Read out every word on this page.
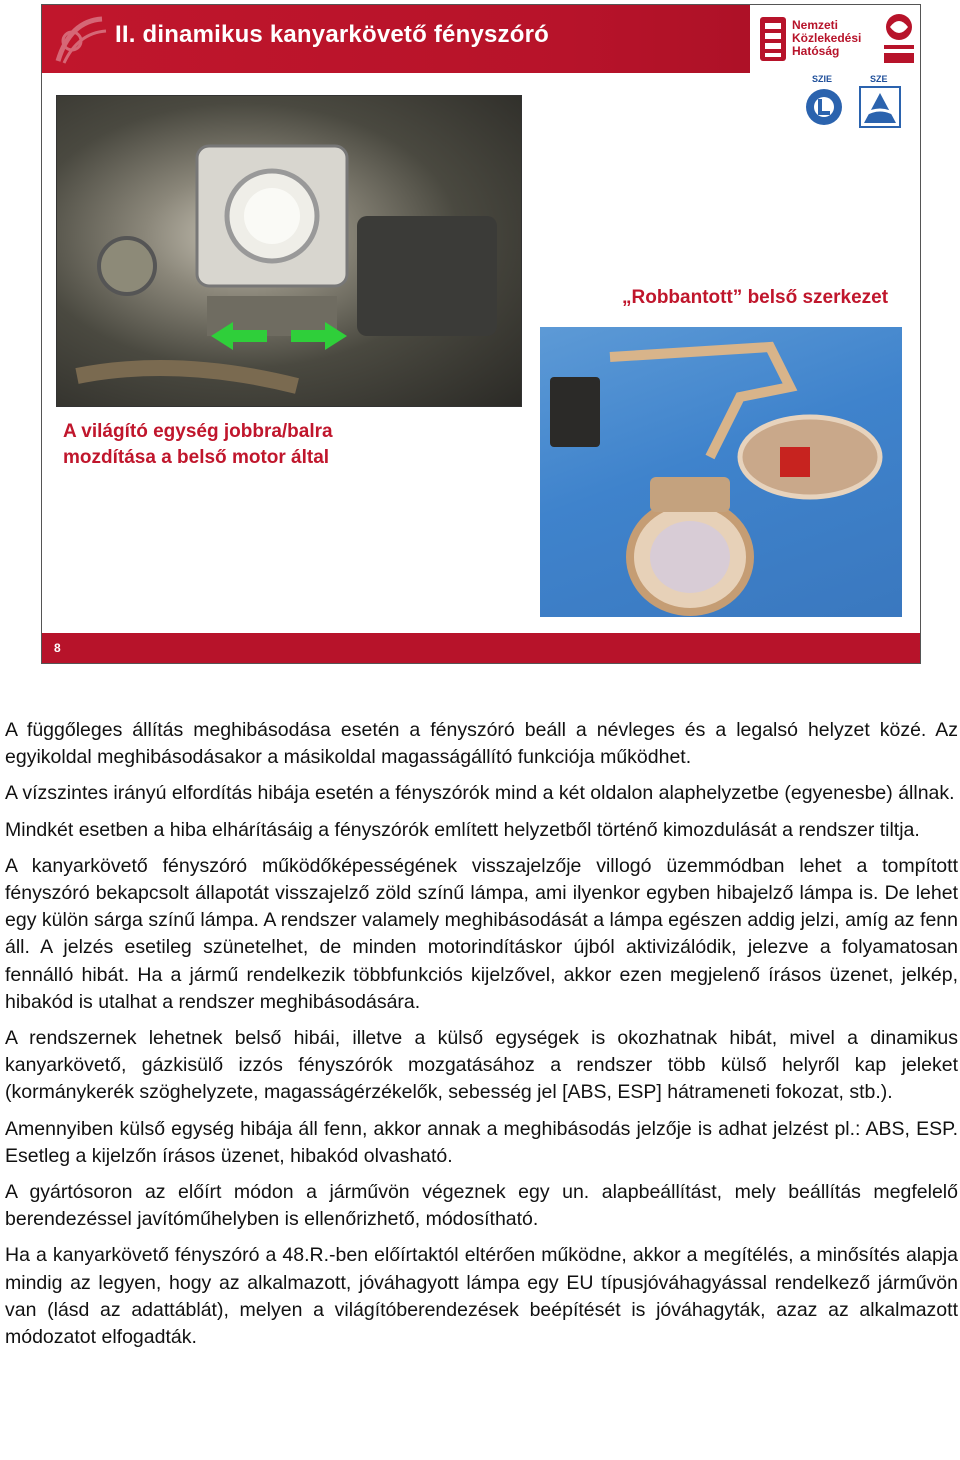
II. dinamikus kanyarkövető fényszóró	Nemzeti
Közlekedési
Hatóság
SZIE	SZE
„Robbantott” belső szerkezet
A világító egység jobbra/balra
mozdítása a belső motor által
8

A függőleges állítás meghibásodása esetén a fényszóró beáll a névleges és a legalsó helyzet közé. Az egyikoldal meghibásodásakor a másikoldal magasságállító funkciója működhet.

A vízszintes irányú elfordítás hibája esetén a fényszórók mind a két oldalon alaphelyzetbe (egyenesbe) állnak.

Mindkét esetben a hiba elhárításáig a fényszórók említett helyzetből történő kimozdulását a rendszer tiltja.

A kanyarkövető fényszóró működőképességének visszajelzője villogó üzemmódban lehet a tompított fényszóró bekapcsolt állapotát visszajelző zöld színű lámpa, ami ilyenkor egyben hibajelző lámpa is. De lehet egy külön sárga színű lámpa. A rendszer valamely meghibásodását a lámpa egészen addig jelzi, amíg az fenn áll. A jelzés esetileg szünetelhet, de minden motorindításkor újból aktivizálódik, jelezve a folyamatosan fennálló hibát. Ha a jármű rendelkezik többfunkciós kijelzővel, akkor ezen megjelenő írásos üzenet, jelkép, hibakód is utalhat a rendszer meghibásodására.

A rendszernek lehetnek belső hibái, illetve a külső egységek is okozhatnak hibát, mivel a dinamikus kanyarkövető, gázkisülő izzós fényszórók mozgatásához a rendszer több külső helyről kap jeleket (kormánykerék szöghelyzete, magasságérzékelők, sebesség jel [ABS, ESP] hátrameneti fokozat, stb.).

Amennyiben külső egység hibája áll fenn, akkor annak a meghibásodás jelzője is adhat jelzést pl.: ABS, ESP. Esetleg a kijelzőn írásos üzenet, hibakód olvasható.

A gyártósoron az előírt módon a járművön végeznek egy un. alapbeállítást, mely beállítás megfelelő berendezéssel javítóműhelyben is ellenőrizhető, módosítható.

Ha a kanyarkövető fényszóró a 48.R.-ben előírtaktól eltérően működne, akkor a megítélés, a minősítés alapja mindig az legyen, hogy az alkalmazott, jóváhagyott lámpa egy EU típusjóváhagyással rendelkező járművön van (lásd az adattáblát), melyen a világítóberendezések beépítését is jóváhagyták, azaz az alkalmazott módozatot elfogadták.
